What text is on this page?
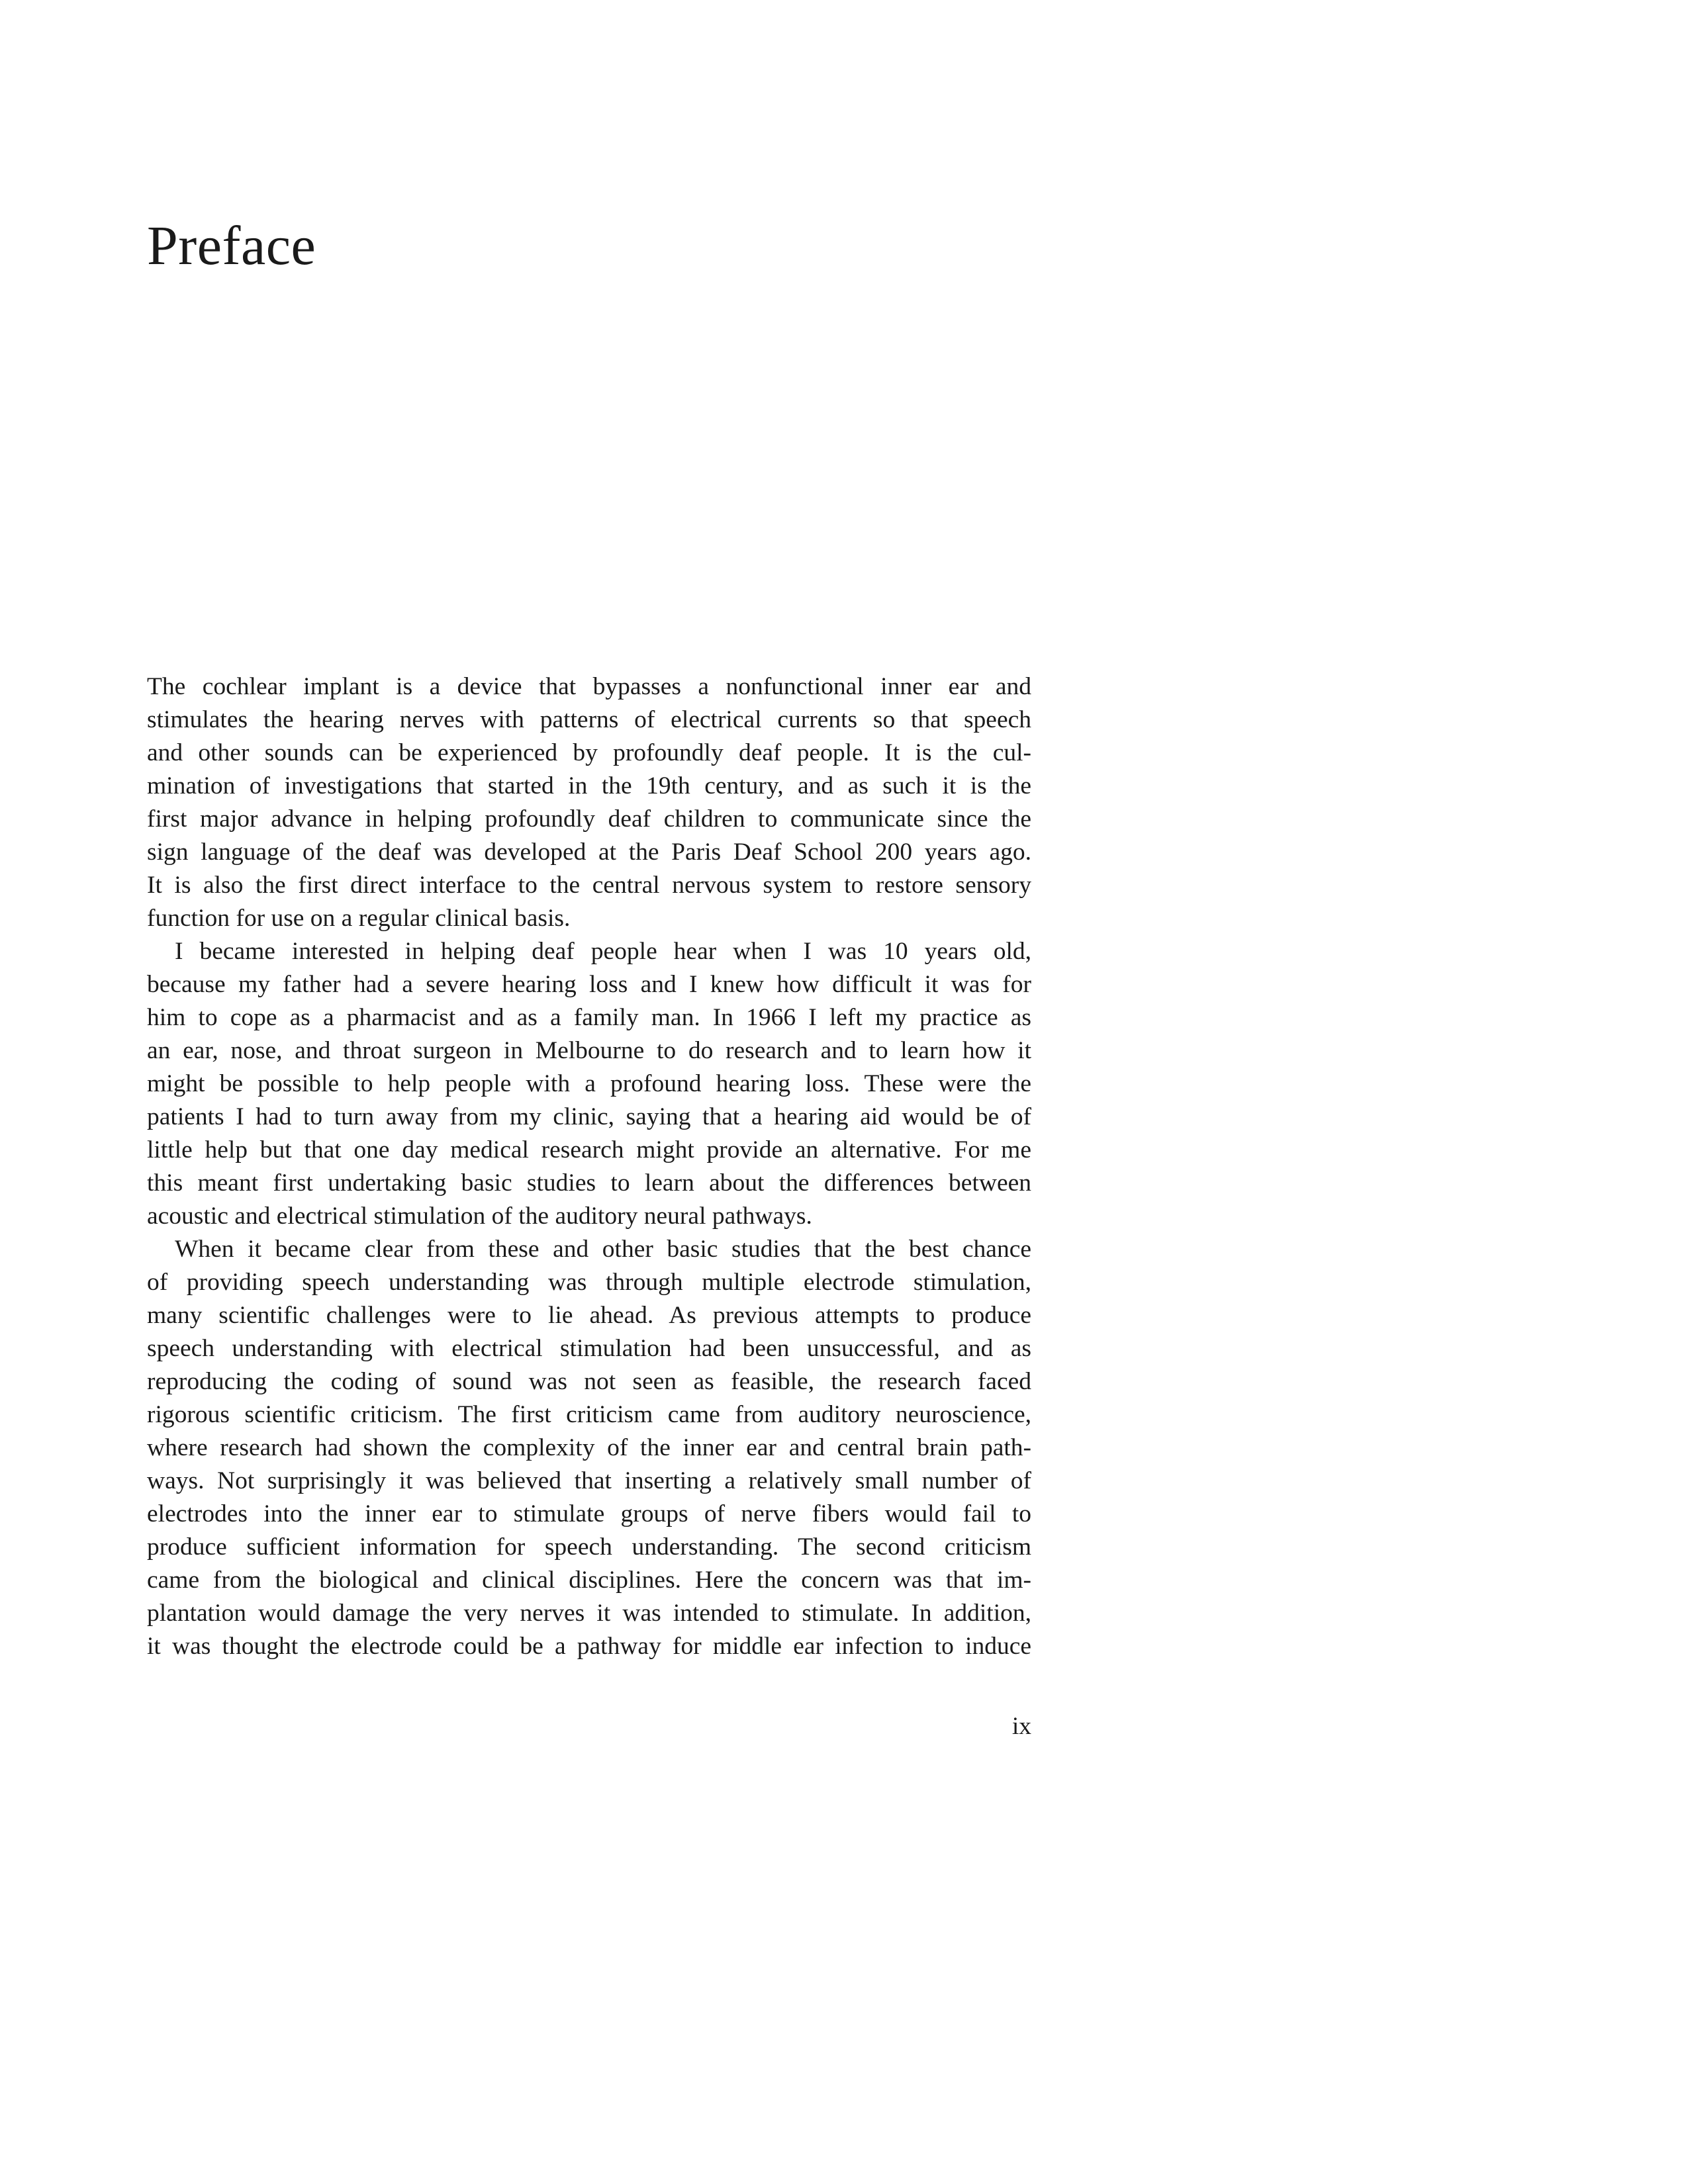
Preface
The cochlear implant is a device that bypasses a nonfunctional inner ear and
stimulates the hearing nerves with patterns of electrical currents so that speech
and other sounds can be experienced by profoundly deaf people. It is the cul-
mination of investigations that started in the 19th century, and as such it is the
first major advance in helping profoundly deaf children to communicate since the
sign language of the deaf was developed at the Paris Deaf School 200 years ago.
It is also the first direct interface to the central nervous system to restore sensory
function for use on a regular clinical basis.
I became interested in helping deaf people hear when I was 10 years old,
because my father had a severe hearing loss and I knew how difficult it was for
him to cope as a pharmacist and as a family man. In 1966 I left my practice as
an ear, nose, and throat surgeon in Melbourne to do research and to learn how it
might be possible to help people with a profound hearing loss. These were the
patients I had to turn away from my clinic, saying that a hearing aid would be of
little help but that one day medical research might provide an alternative. For me
this meant first undertaking basic studies to learn about the differences between
acoustic and electrical stimulation of the auditory neural pathways.
When it became clear from these and other basic studies that the best chance
of providing speech understanding was through multiple electrode stimulation,
many scientific challenges were to lie ahead. As previous attempts to produce
speech understanding with electrical stimulation had been unsuccessful, and as
reproducing the coding of sound was not seen as feasible, the research faced
rigorous scientific criticism. The first criticism came from auditory neuroscience,
where research had shown the complexity of the inner ear and central brain path-
ways. Not surprisingly it was believed that inserting a relatively small number of
electrodes into the inner ear to stimulate groups of nerve fibers would fail to
produce sufficient information for speech understanding. The second criticism
came from the biological and clinical disciplines. Here the concern was that im-
plantation would damage the very nerves it was intended to stimulate. In addition,
it was thought the electrode could be a pathway for middle ear infection to induce
ix
